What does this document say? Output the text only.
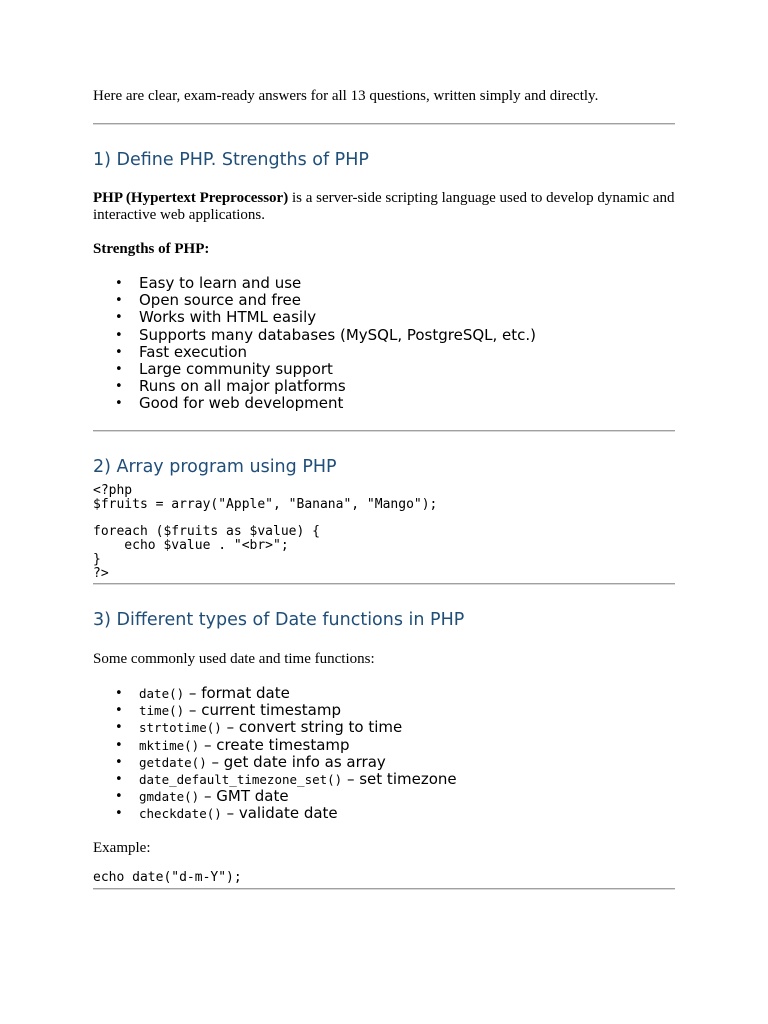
Here are clear, exam-ready answers for all 13 questions, written simply and directly.
1) Define PHP. Strengths of PHP
PHP (Hypertext Preprocessor) is a server-side scripting language used to develop dynamic and interactive web applications.
Strengths of PHP:
• Easy to learn and use
• Open source and free
• Works with HTML easily
• Supports many databases (MySQL, PostgreSQL, etc.)
• Fast execution
• Large community support
• Runs on all major platforms
• Good for web development
2) Array program using PHP
<?php
$fruits = array("Apple", "Banana", "Mango");

foreach ($fruits as $value) {
echo $value . "<br>";
}
?>
3) Different types of Date functions in PHP
Some commonly used date and time functions:
• date() – format date
• time() – current timestamp
• strtotime() – convert string to time
• mktime() – create timestamp
• getdate() – get date info as array
• date_default_timezone_set() – set timezone
• gmdate() – GMT date
• checkdate() – validate date
Example:
echo date("d-m-Y");
